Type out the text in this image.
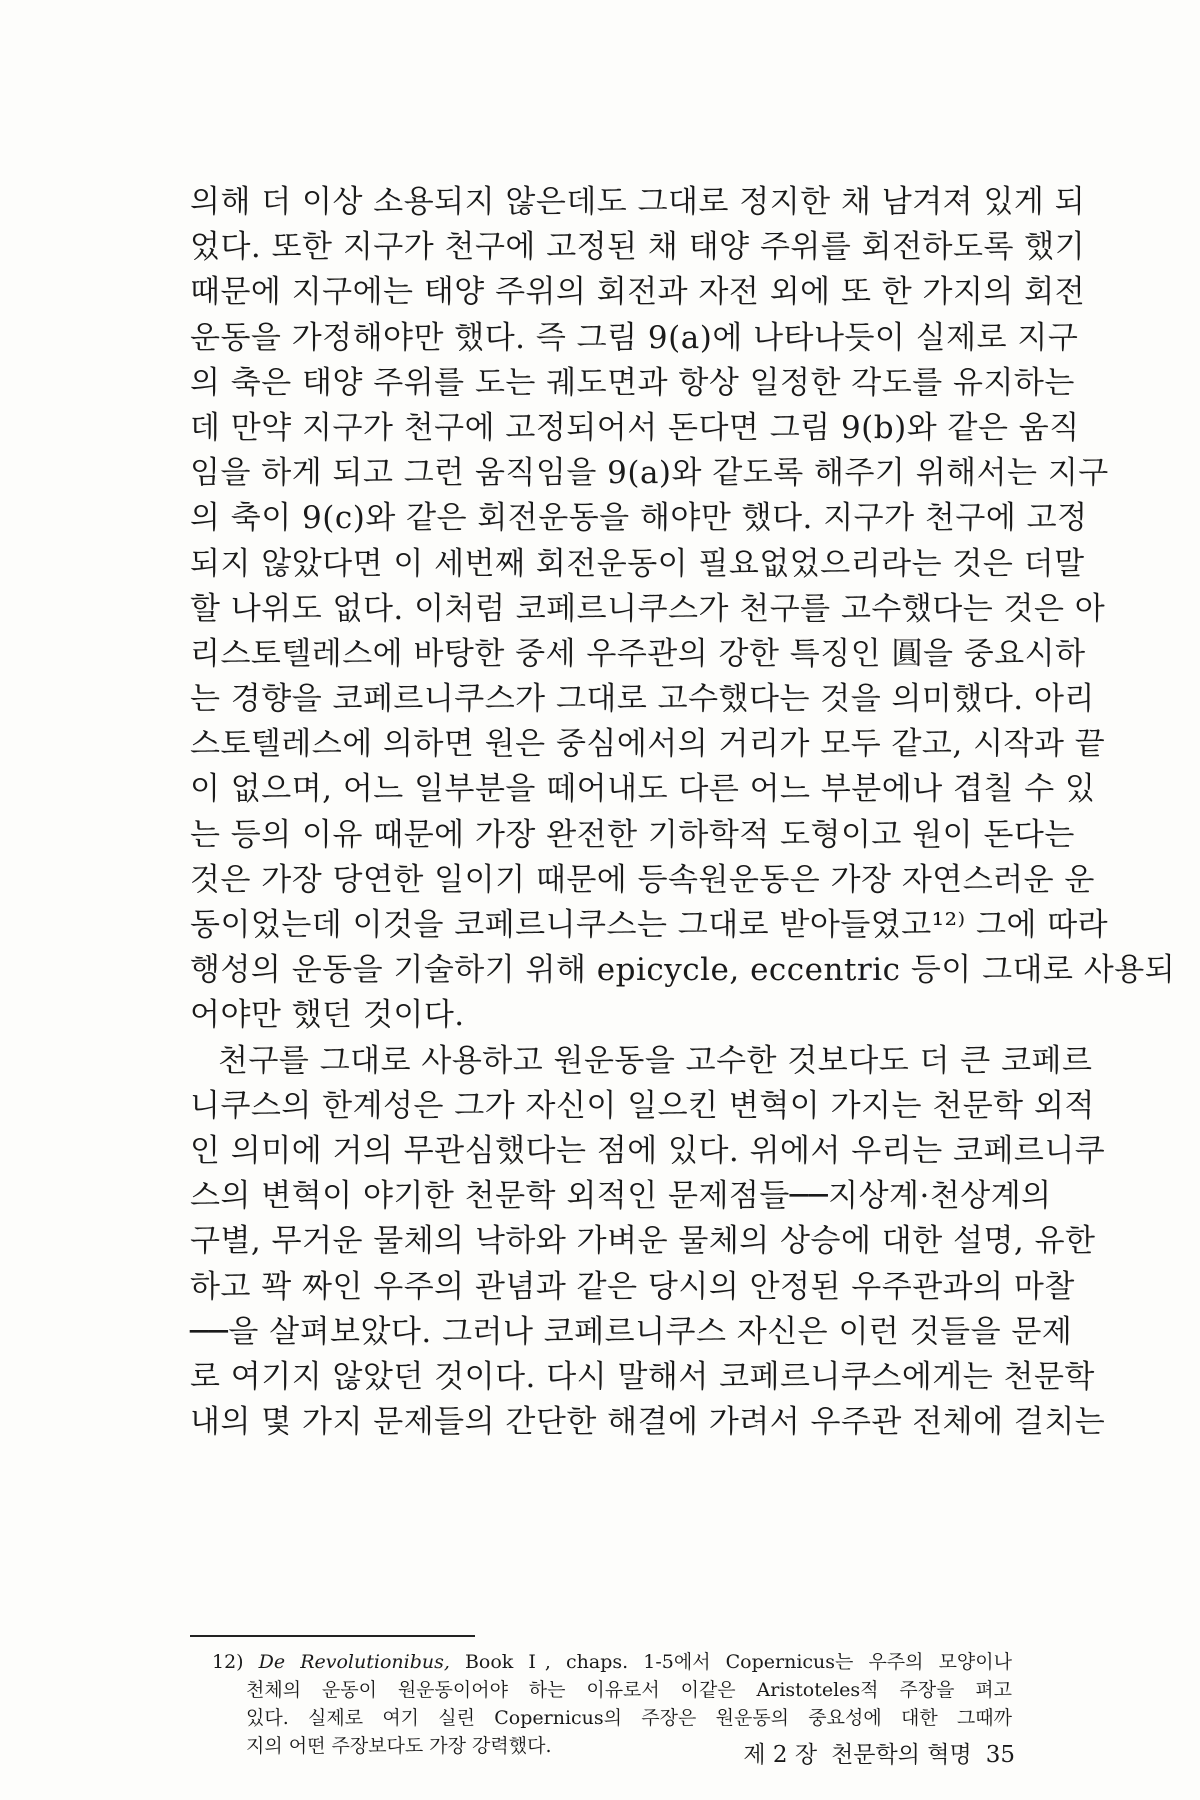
의해 더 이상 소용되지 않은데도 그대로 정지한 채 남겨져 있게 되
었다. 또한 지구가 천구에 고정된 채 태양 주위를 회전하도록 했기
때문에 지구에는 태양 주위의 회전과 자전 외에 또 한 가지의 회전
운동을 가정해야만 했다. 즉 그림 9(a)에 나타나듯이 실제로 지구
의 축은 태양 주위를 도는 궤도면과 항상 일정한 각도를 유지하는
데 만약 지구가 천구에 고정되어서 돈다면 그림 9(b)와 같은 움직
임을 하게 되고 그런 움직임을 9(a)와 같도록 해주기 위해서는 지구
의 축이 9(c)와 같은 회전운동을 해야만 했다. 지구가 천구에 고정
되지 않았다면 이 세번째 회전운동이 필요없었으리라는 것은 더말
할 나위도 없다. 이처럼 코페르니쿠스가 천구를 고수했다는 것은 아
리스토텔레스에 바탕한 중세 우주관의 강한 특징인 圓을 중요시하
는 경향을 코페르니쿠스가 그대로 고수했다는 것을 의미했다. 아리
스토텔레스에 의하면 원은 중심에서의 거리가 모두 같고, 시작과 끝
이 없으며, 어느 일부분을 떼어내도 다른 어느 부분에나 겹칠 수 있
는 등의 이유 때문에 가장 완전한 기하학적 도형이고 원이 돈다는
것은 가장 당연한 일이기 때문에 등속원운동은 가장 자연스러운 운
동이었는데 이것을 코페르니쿠스는 그대로 받아들였고¹²⁾ 그에 따라
행성의 운동을 기술하기 위해 epicycle, eccentric 등이 그대로 사용되
어야만 했던 것이다.
천구를 그대로 사용하고 원운동을 고수한 것보다도 더 큰 코페르
니쿠스의 한계성은 그가 자신이 일으킨 변혁이 가지는 천문학 외적
인 의미에 거의 무관심했다는 점에 있다. 위에서 우리는 코페르니쿠
스의 변혁이 야기한 천문학 외적인 문제점들──지상계·천상계의
구별, 무거운 물체의 낙하와 가벼운 물체의 상승에 대한 설명, 유한
하고 꽉 짜인 우주의 관념과 같은 당시의 안정된 우주관과의 마찰
──을 살펴보았다. 그러나 코페르니쿠스 자신은 이런 것들을 문제
로 여기지 않았던 것이다. 다시 말해서 코페르니쿠스에게는 천문학
내의 몇 가지 문제들의 간단한 해결에 가려서 우주관 전체에 걸치는
12) De Revolutionibus, Book Ⅰ, chaps. 1-5에서 Copernicus는 우주의 모양이나
천체의 운동이 원운동이어야 하는 이유로서 이같은 Aristoteles적 주장을 펴고
있다. 실제로 여기 실린 Copernicus의 주장은 원운동의 중요성에 대한 그때까
지의 어떤 주장보다도 가장 강력했다.	제 2 장 천문학의 혁명 35
